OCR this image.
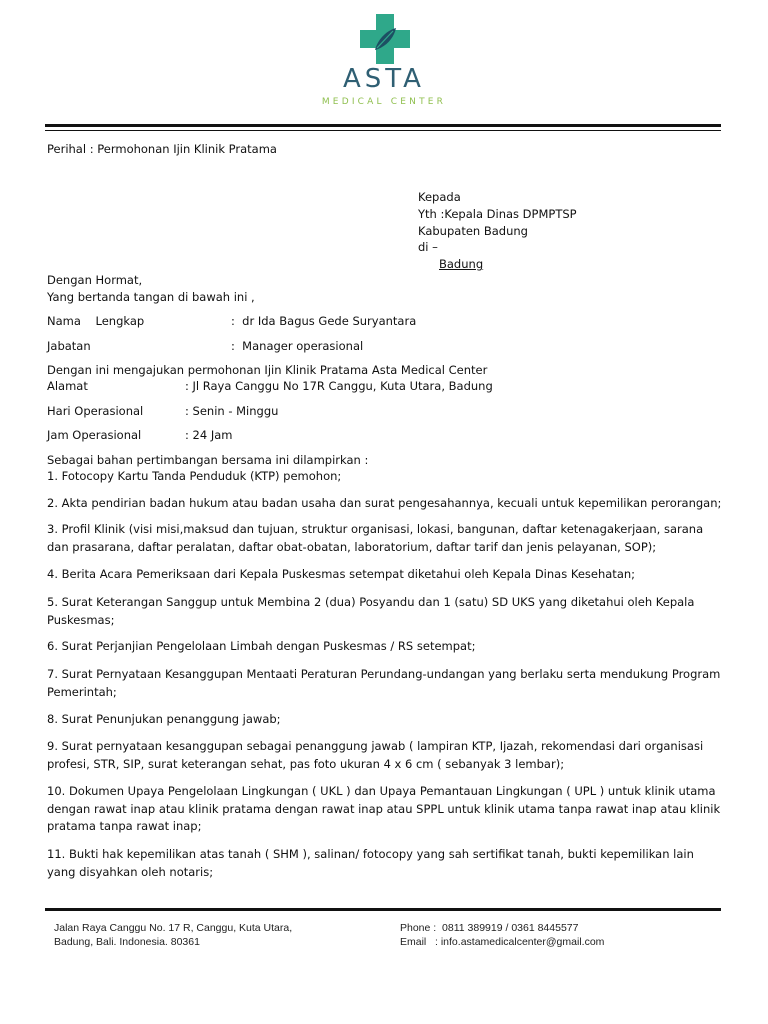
ASTA
MEDICAL CENTER
Perihal : Permohonan Ijin Klinik Pratama
Kepada
Yth :Kepala Dinas DPMPTSP
Kabupaten Badung
di –
Badung
Dengan Hormat,
Yang bertanda tangan di bawah ini ,
Nama    Lengkap	:  dr Ida Bagus Gede Suryantara
Jabatan	:  Manager operasional
Dengan ini mengajukan permohonan Ijin Klinik Pratama Asta Medical Center
Alamat	: Jl Raya Canggu No 17R Canggu, Kuta Utara, Badung
Hari Operasional	: Senin - Minggu
Jam Operasional	: 24 Jam
Sebagai bahan pertimbangan bersama ini dilampirkan :
1. Fotocopy Kartu Tanda Penduduk (KTP) pemohon;
2. Akta pendirian badan hukum atau badan usaha dan surat pengesahannya, kecuali untuk kepemilikan perorangan;
3. Profil Klinik (visi misi,maksud dan tujuan, struktur organisasi, lokasi, bangunan, daftar ketenagakerjaan, sarana dan prasarana, daftar peralatan, daftar obat-obatan, laboratorium, daftar tarif dan jenis pelayanan, SOP);
4. Berita Acara Pemeriksaan dari Kepala Puskesmas setempat diketahui oleh Kepala Dinas Kesehatan;
5. Surat Keterangan Sanggup untuk Membina 2 (dua) Posyandu dan 1 (satu) SD UKS yang diketahui oleh Kepala Puskesmas;
6. Surat Perjanjian Pengelolaan Limbah dengan Puskesmas / RS setempat;
7. Surat Pernyataan Kesanggupan Mentaati Peraturan Perundang-undangan yang berlaku serta mendukung Program Pemerintah;
8. Surat Penunjukan penanggung jawab;
9. Surat pernyataan kesanggupan sebagai penanggung jawab ( lampiran KTP, Ijazah, rekomendasi dari organisasi profesi, STR, SIP, surat keterangan sehat, pas foto ukuran 4 x 6 cm ( sebanyak 3 lembar);
10. Dokumen Upaya Pengelolaan Lingkungan ( UKL ) dan Upaya Pemantauan Lingkungan ( UPL ) untuk klinik utama dengan rawat inap atau klinik pratama dengan rawat inap atau SPPL untuk klinik utama tanpa rawat inap atau klinik pratama tanpa rawat inap;
11. Bukti hak kepemilikan atas tanah ( SHM ), salinan/ fotocopy yang sah sertifikat tanah, bukti kepemilikan lain yang disyahkan oleh notaris;
Jalan Raya Canggu No. 17 R, Canggu, Kuta Utara,
Badung, Bali. Indonesia. 80361
Phone :  0811 389919 / 0361 8445577
Email   : info.astamedicalcenter@gmail.com
